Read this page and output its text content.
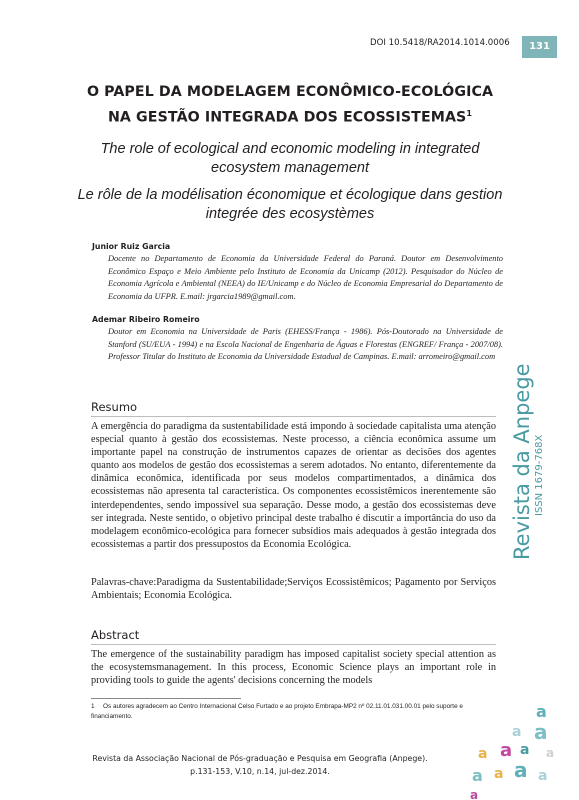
DOI 10.5418/RA2014.1014.0006	131
O PAPEL DA MODELAGEM ECONÔMICO-ECOLÓGICA
NA GESTÃO INTEGRADA DOS ECOSSISTEMAS$^1$
The role of ecological and economic modeling in integrated ecosystem management
Le rôle de la modélisation économique et écologique dans gestion integrée des ecosystèmes
Junior Ruiz Garcia
Docente no Departamento de Economia da Universidade Federal do Paraná. Doutor em Desenvolvimento Econômico Espaço e Meio Ambiente pelo Instituto de Economia da Unicamp (2012). Pesquisador do Núcleo de Economia Agrícola e Ambiental (NEEA) do IE/Unicamp e do Núcleo de Economia Empresarial do Departamento de Economia da UFPR. E.mail: jrgarcia1989@gmail.com.
Ademar Ribeiro Romeiro
Doutor em Economia na Universidade de Paris (EHESS/França - 1986). Pós-Doutorado na Universidade de Stanford (SU/EUA - 1994) e na Escola Nacional de Engenharia de Águas e Florestas (ENGREF/ França - 2007/08). Professor Titular do Instituto de Economia da Universidade Estadual de Campinas. E.mail: arromeiro@gmail.com
Resumo
A emergência do paradigma da sustentabilidade está impondo à sociedade capitalista uma atenção especial quanto à gestão dos ecossistemas. Neste processo, a ciência econômica assume um importante papel na construção de instrumentos capazes de orientar as decisões dos agentes quanto aos modelos de gestão dos ecossistemas a serem adotados. No entanto, diferentemente da dinâmica econômica, identificada por seus modelos compartimentados, a dinâmica dos ecossistemas não apresenta tal característica. Os componentes ecossistêmicos inerentemente são interdependentes, sendo impossível sua separação. Desse modo, a gestão dos ecossistemas deve ser integrada. Neste sentido, o objetivo principal deste trabalho é discutir a importância do uso da modelagem econômico-ecológica para fornecer subsídios mais adequados à gestão integrada dos ecossistemas a partir dos pressupostos da Economia Ecológica.
Palavras-chave:Paradigma da Sustentabilidade;Serviços Ecossistêmicos; Pagamento por Serviços Ambientais; Economia Ecológica.
Abstract
The emergence of the sustainability paradigm has imposed capitalist society special attention as the ecosystemsmanagement. In this process, Economic Science plays an important role in providing tools to guide the agents' decisions concerning the models
1 Os autores agradecem ao Centro Internacional Celso Furtado e ao projeto Embrapa-MP2 nº 02.11.01.031.00.01 pelo suporte e financiamento.
Revista da Associação Nacional de Pós-graduação e Pesquisa em Geografia (Anpege).
p.131-153, V.10, n.14, jul-dez.2014.
Revista da Anpege ISSN 1679-768X
a
a a
a a a a
a a a a
a
